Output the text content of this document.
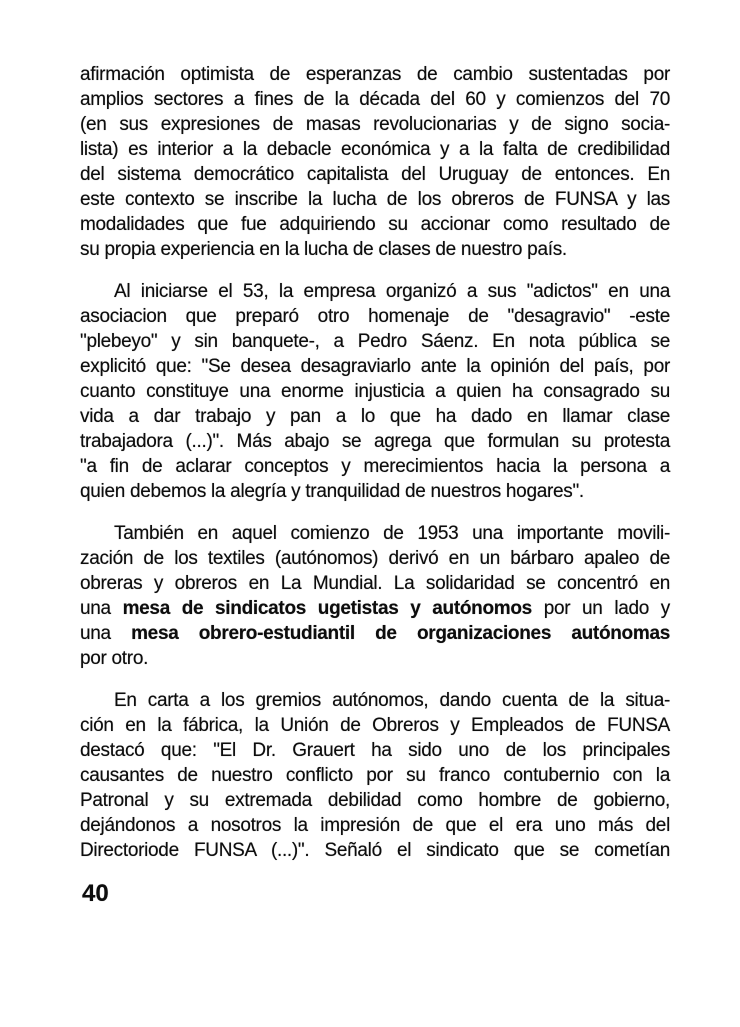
afirmación optimista de esperanzas de cambio sustentadas por
amplios sectores a fines de la década del 60 y comienzos del 70
(en sus expresiones de masas revolucionarias y de signo socia-
lista) es interior a la debacle económica y a la falta de credibilidad
del sistema democrático capitalista del Uruguay de entonces. En
este contexto se inscribe la lucha de los obreros de FUNSA y las
modalidades que fue adquiriendo su accionar como resultado de
su propia experiencia en la lucha de clases de nuestro país.

Al iniciarse el 53, la empresa organizó a sus "adictos" en una
asociacion que preparó otro homenaje de "desagravio" -este
"plebeyo" y sin banquete-, a Pedro Sáenz. En nota pública se
explicitó que: "Se desea desagraviarlo ante la opinión del país, por
cuanto constituye una enorme injusticia a quien ha consagrado su
vida a dar trabajo y pan a lo que ha dado en llamar clase
trabajadora (...)". Más abajo se agrega que formulan su protesta
"a fin de aclarar conceptos y merecimientos hacia la persona a
quien debemos la alegría y tranquilidad de nuestros hogares".

También en aquel comienzo de 1953 una importante movili-
zación de los textiles (autónomos) derivó en un bárbaro apaleo de
obreras y obreros en La Mundial. La solidaridad se concentró en
una mesa de sindicatos ugetistas y autónomos por un lado y
una mesa obrero-estudiantil de organizaciones autónomas
por otro.

En carta a los gremios autónomos, dando cuenta de la situa-
ción en la fábrica, la Unión de Obreros y Empleados de FUNSA
destacó que: "El Dr. Grauert ha sido uno de los principales
causantes de nuestro conflicto por su franco contubernio con la
Patronal y su extremada debilidad como hombre de gobierno,
dejándonos a nosotros la impresión de que el era uno más del
Directoriode FUNSA (...)". Señaló el sindicato que se cometían

40
